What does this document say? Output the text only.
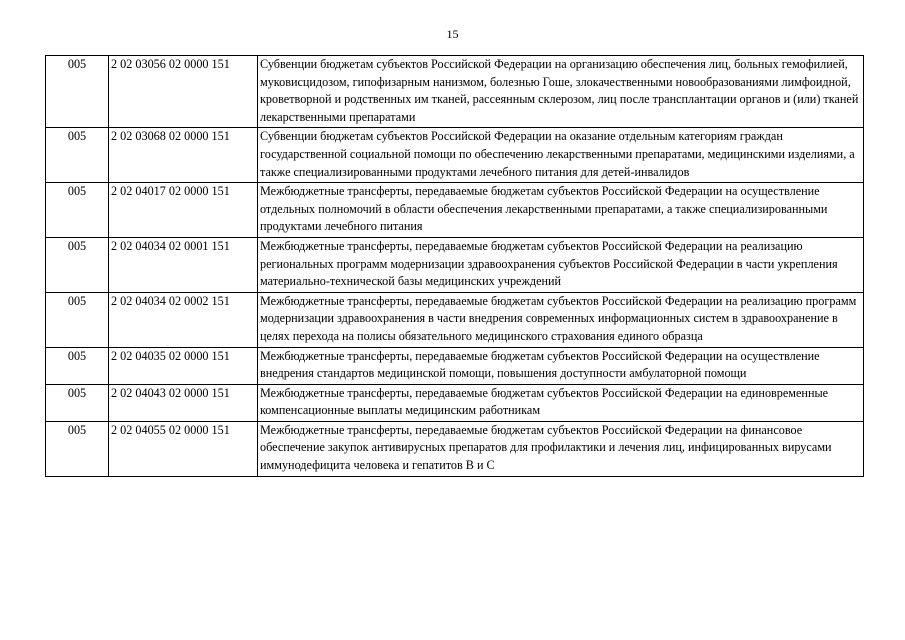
15
005	2 02 03056 02 0000 151	Субвенции бюджетам субъектов Российской Федерации на организацию обеспечения лиц, больных гемофилией, муковисцидозом, гипофизарным нанизмом, болезнью Гоше, злокачественными новообразованиями лимфоидной, кроветворной и родственных им тканей, рассеянным склерозом, лиц после трансплантации органов и (или) тканей лекарственными препаратами
005	2 02 03068 02 0000 151	Субвенции бюджетам субъектов Российской Федерации на оказание отдельным категориям граждан государственной социальной помощи по обеспечению лекарственными препаратами, медицинскими изделиями, а также специализированными продуктами лечебного питания для детей-инвалидов
005	2 02 04017 02 0000 151	Межбюджетные трансферты, передаваемые бюджетам субъектов Российской Федерации на осуществление отдельных полномочий в области обеспечения лекарственными препаратами, а также специализированными продуктами лечебного питания
005	2 02 04034 02 0001 151	Межбюджетные трансферты, передаваемые бюджетам субъектов Российской Федерации на реализацию региональных программ модернизации здравоохранения субъектов Российской Федерации в части укрепления материально-технической базы медицинских учреждений
005	2 02 04034 02 0002 151	Межбюджетные трансферты, передаваемые бюджетам субъектов Российской Федерации на реализацию программ модернизации здравоохранения в части внедрения современных информационных систем в здравоохранение в целях перехода на полисы обязательного медицинского страхования единого образца
005	2 02 04035 02 0000 151	Межбюджетные трансферты, передаваемые бюджетам субъектов Российской Федерации на осуществление внедрения стандартов медицинской помощи, повышения доступности амбулаторной помощи
005	2 02 04043 02 0000 151	Межбюджетные трансферты, передаваемые бюджетам субъектов Российской Федерации на единовременные компенсационные выплаты медицинским работникам
005	2 02 04055 02 0000 151	Межбюджетные трансферты, передаваемые бюджетам субъектов Российской Федерации на финансовое обеспечение закупок антивирусных препаратов для профилактики и лечения лиц, инфицированных вирусами иммунодефицита человека и гепатитов В и С
